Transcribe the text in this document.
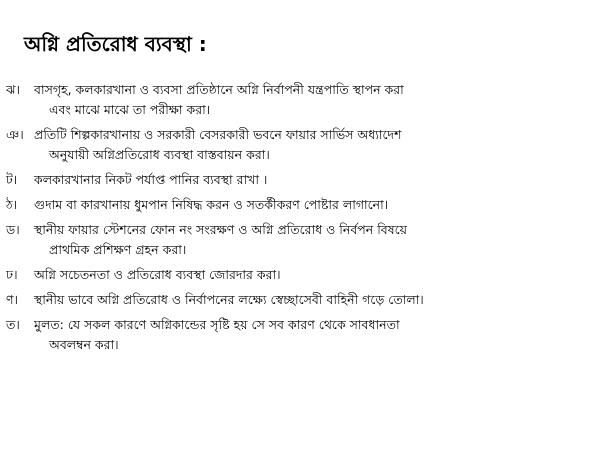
অগ্নি প্রতিরোধ ব্যবস্থা :
ঝ।	বাসগৃহ, কলকারখানা ও ব্যবসা প্রতিষ্ঠানে অগ্নি নির্বাপনী যন্ত্রপাতি স্থাপন করা
এবং মাঝে মাঝে তা পরীক্ষা করা।
ঞ। প্রতিটি শিল্পকারখানায় ও সরকারী বেসরকারী ভবনে ফায়ার সার্ভিস অধ্যাদেশ
অনুযায়ী অগ্নিপ্রতিরোধ ব্যবস্থা বাস্তবায়ন করা।
ট।	কলকারখানার নিকট পর্যাপ্ত পানির ব্যবস্থা রাখা ।
ঠ।	গুদাম বা কারখানায় ধুমপান নিষিদ্ধ করন ও সতর্কীকরণ পোষ্টার লাগানো।
ড।	স্থানীয় ফায়ার স্টেশনের ফোন নং সংরক্ষণ ও অগ্নি প্রতিরোধ ও নির্বপন বিষয়ে
প্রাথমিক প্রশিক্ষণ গ্রহন করা।
ঢ।	অগ্নি সচেতনতা ও প্রতিরোধ ব্যবস্থা জোরদার করা।
ণ।	স্থানীয় ভাবে অগ্নি প্রতিরোধ ও নির্বাপনের লক্ষ্যে স্বেচ্ছাসেবী বাহিনী গড়ে তোলা।
ত।	মুলত: যে সকল কারণে অগ্নিকান্ডের সৃষ্টি হয় সে সব কারণ থেকে সাবধানতা
অবলম্বন করা।
